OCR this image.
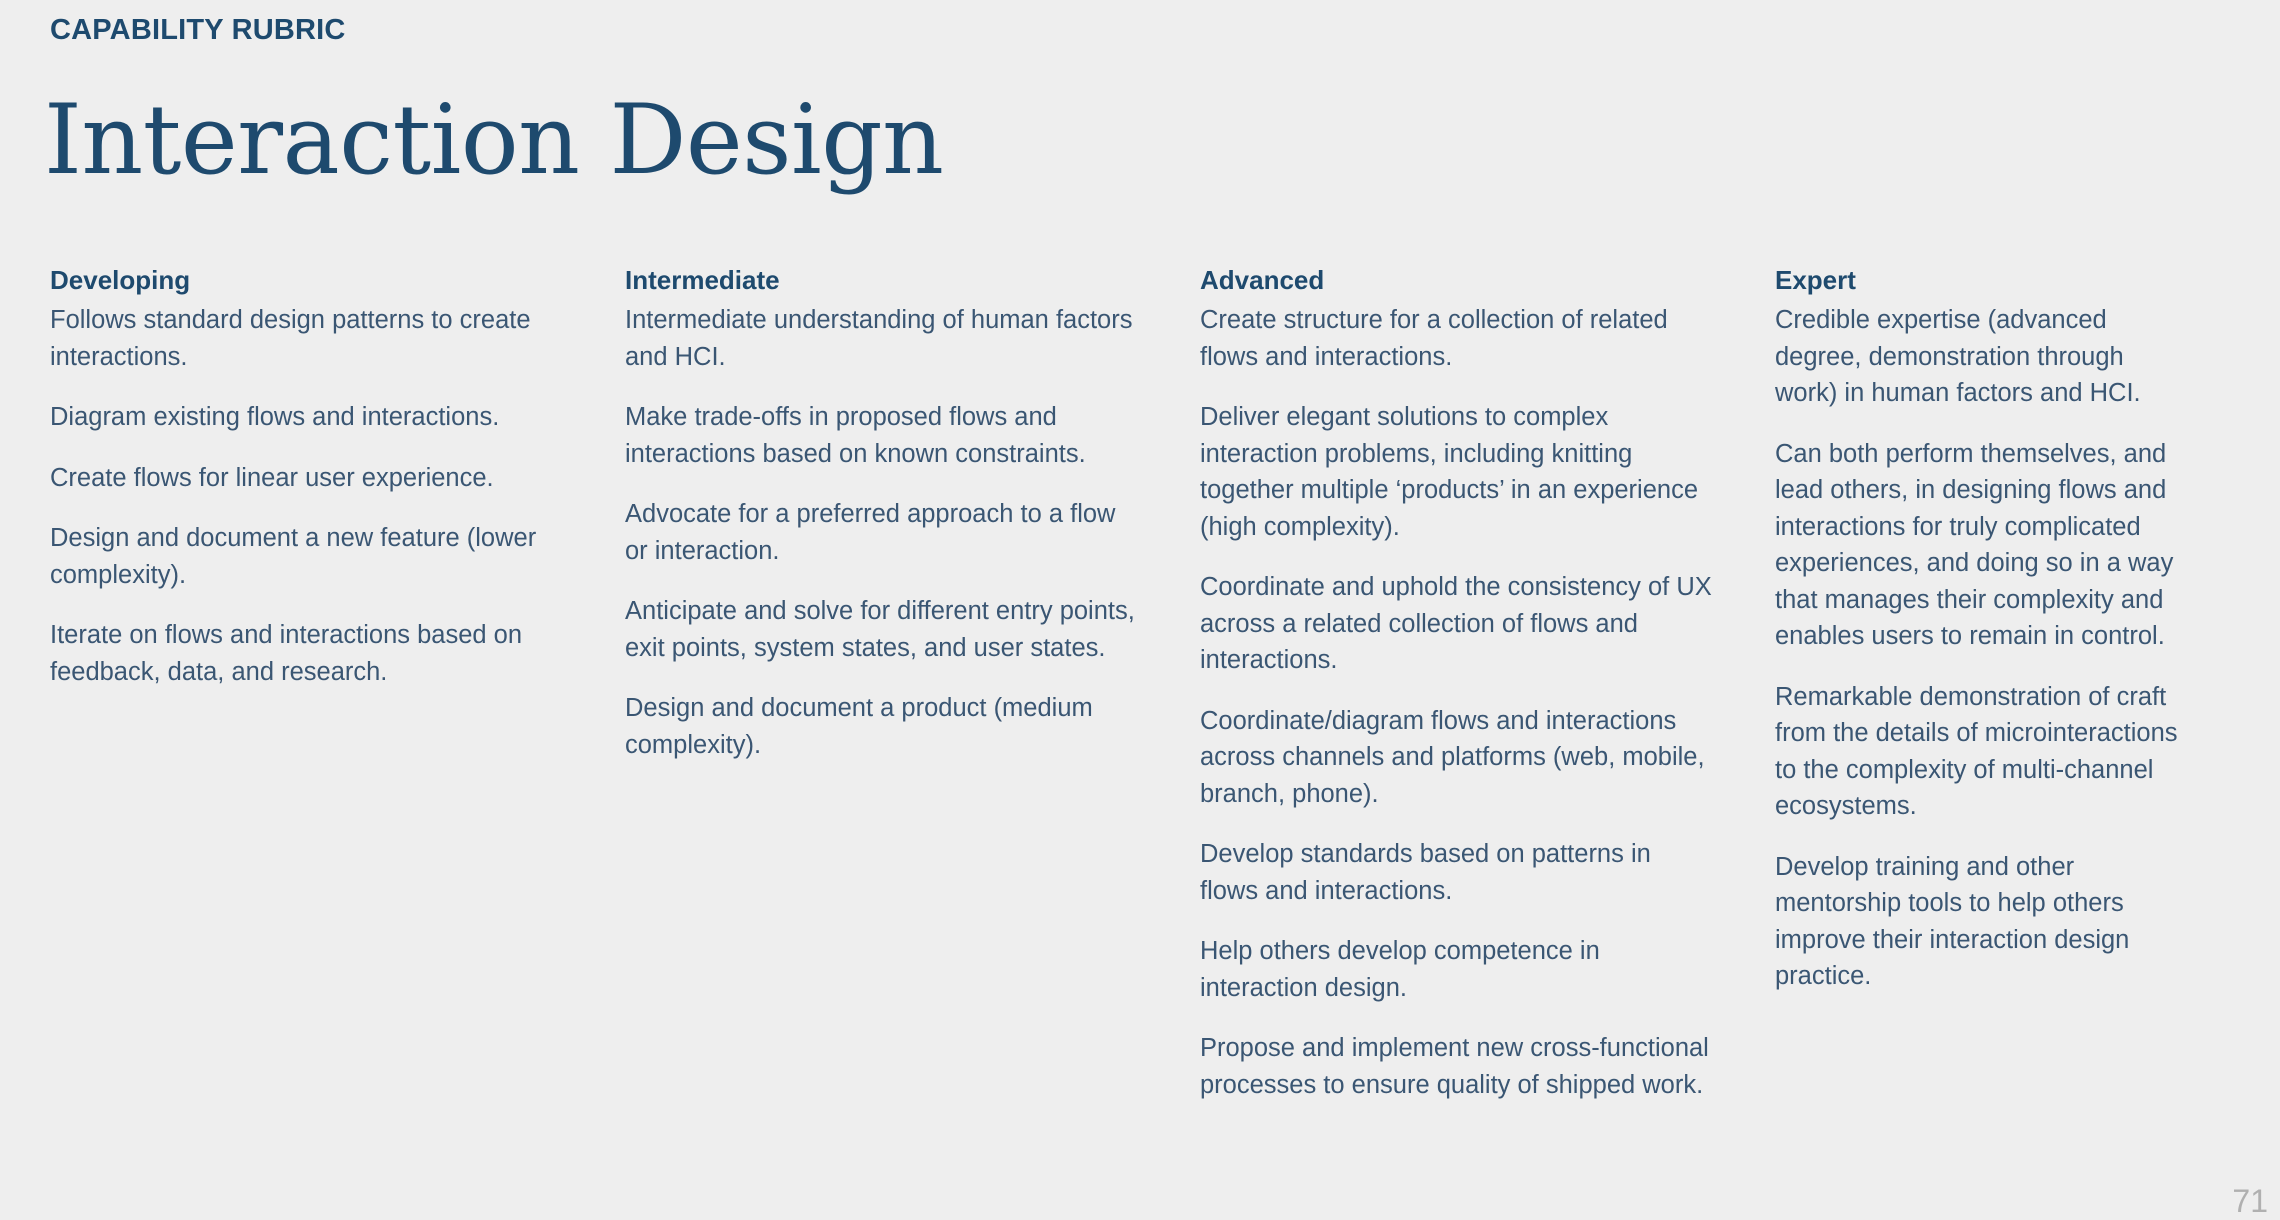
CAPABILITY RUBRIC
Interaction Design
Developing

Follows standard design patterns to create interactions.

Diagram existing flows and interactions.

Create flows for linear user experience.

Design and document a new feature (lower complexity).

Iterate on flows and interactions based on feedback, data, and research.

Intermediate

Intermediate understanding of human factors and HCI.

Make trade-offs in proposed flows and interactions based on known constraints.

Advocate for a preferred approach to a flow or interaction.

Anticipate and solve for different entry points, exit points, system states, and user states.

Design and document a product (medium complexity).

Advanced

Create structure for a collection of related flows and interactions.

Deliver elegant solutions to complex interaction problems, including knitting together multiple ‘products’ in an experience (high complexity).

Coordinate and uphold the consistency of UX across a related collection of flows and interactions.

Coordinate/diagram flows and interactions across channels and platforms (web, mobile, branch, phone).

Develop standards based on patterns in flows and interactions.

Help others develop competence in interaction design.

Propose and implement new cross-functional processes to ensure quality of shipped work.

Expert

Credible expertise (advanced degree, demonstration through work) in human factors and HCI.

Can both perform themselves, and lead others, in designing flows and interactions for truly complicated experiences, and doing so in a way that manages their complexity and enables users to remain in control.

Remarkable demonstration of craft from the details of microinteractions to the complexity of multi-channel ecosystems.

Develop training and other mentorship tools to help others improve their interaction design practice.

71
